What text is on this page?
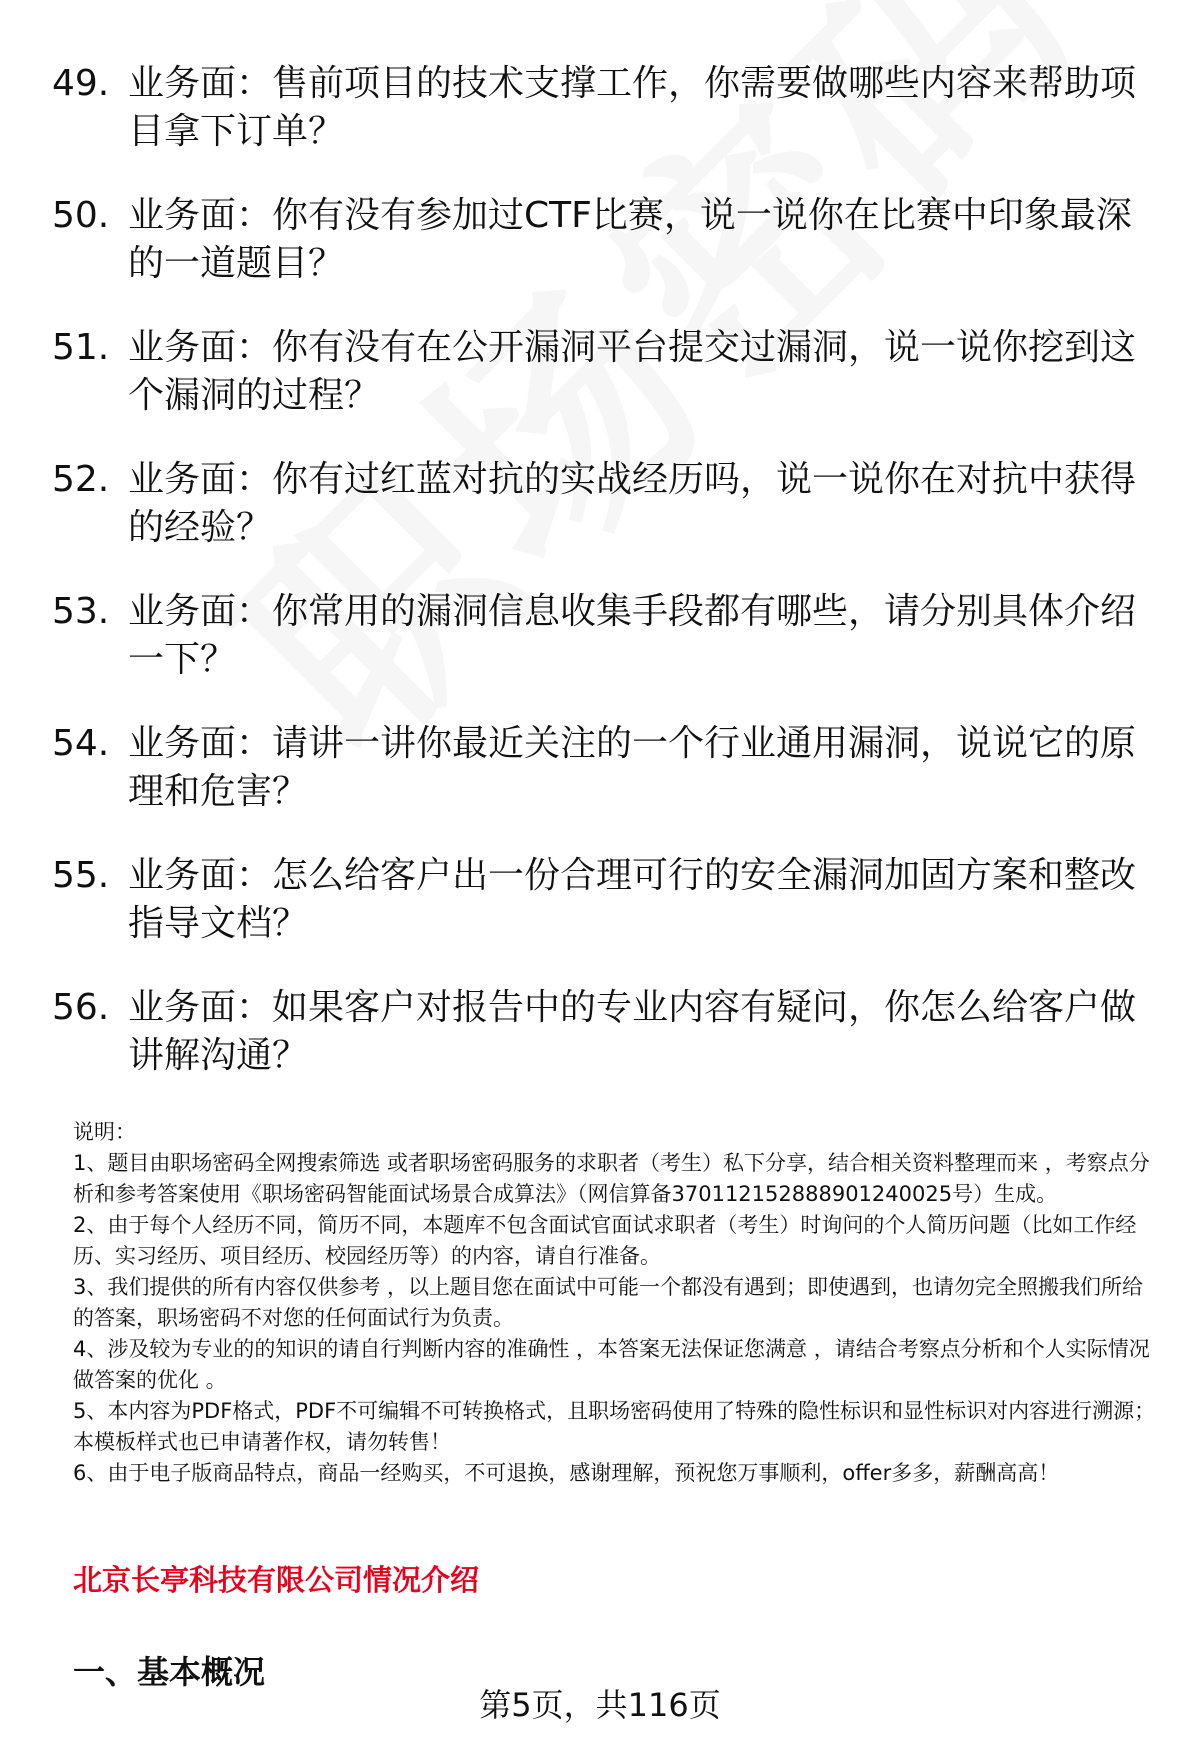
49. 业务面：售前项目的技术支撑工作，你需要做哪些内容来帮助项目拿下订单？
50. 业务面：你有没有参加过CTF比赛，说一说你在比赛中印象最深的一道题目？
51. 业务面：你有没有在公开漏洞平台提交过漏洞，说一说你挖到这个漏洞的过程？
52. 业务面：你有过红蓝对抗的实战经历吗，说一说你在对抗中获得的经验？
53. 业务面：你常用的漏洞信息收集手段都有哪些，请分别具体介绍一下？
54. 业务面：请讲一讲你最近关注的一个行业通用漏洞，说说它的原理和危害？
55. 业务面：怎么给客户出一份合理可行的安全漏洞加固方案和整改指导文档？
56. 业务面：如果客户对报告中的专业内容有疑问，你怎么给客户做讲解沟通？

说明：

1、题目由职场密码全网搜索筛选 或者职场密码服务的求职者（考生）私下分享，结合相关资料整理而来 ，考察点分析和参考答案使用《职场密码智能面试场景合成算法》（网信算备370112152888901240025号）生成。

2、由于每个人经历不同，简历不同，本题库不包含面试官面试求职者（考生）时询问的个人简历问题（比如工作经历、实习经历、项目经历、校园经历等）的内容，请自行准备。

3、我们提供的所有内容仅供参考 ，以上题目您在面试中可能一个都没有遇到；即使遇到，也请勿完全照搬我们所给的答案，职场密码不对您的任何面试行为负责。

4、涉及较为专业的的知识的请自行判断内容的准确性 ，本答案无法保证您满意 ，请结合考察点分析和个人实际情况做答案的优化 。

5、本内容为PDF格式，PDF不可编辑不可转换格式，且职场密码使用了特殊的隐性标识和显性标识对内容进行溯源；本模板样式也已申请著作权，请勿转售！

6、由于电子版商品特点，商品一经购买，不可退换，感谢理解，预祝您万事顺利，offer多多，薪酬高高！

北京长亭科技有限公司情况介绍
一、基本概况
第5页，共116页
